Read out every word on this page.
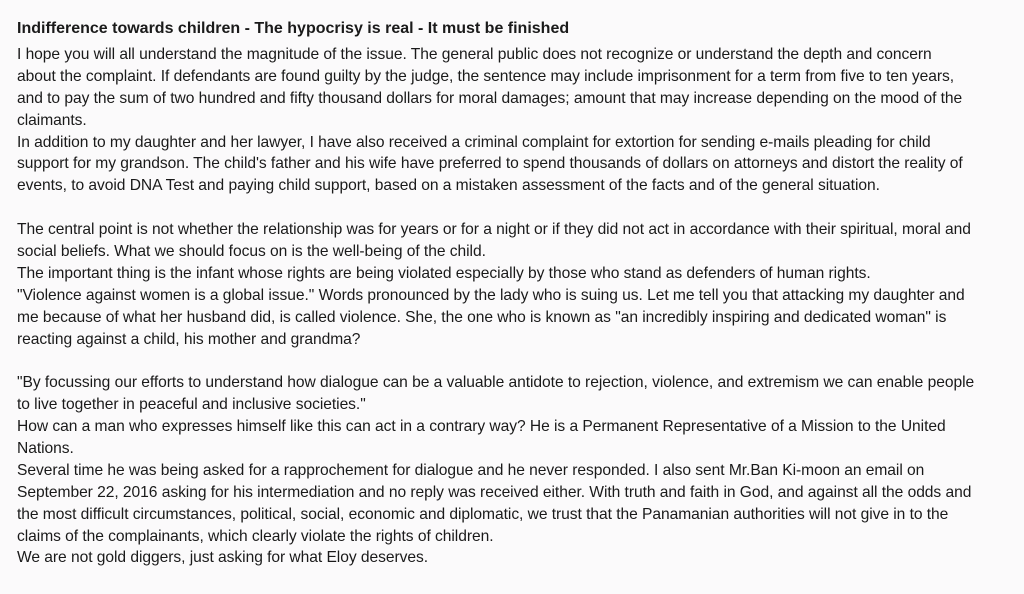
Indifference towards children - The hypocrisy is real - It must be finished
I hope you will all understand the magnitude of the issue. The general public does not recognize or understand the depth and concern
about the complaint. If defendants are found guilty by the judge, the sentence may include imprisonment for a term from five to ten years,
and to pay the sum of two hundred and fifty thousand dollars for moral damages; amount that may increase depending on the mood of the
claimants.
In addition to my daughter and her lawyer, I have also received a criminal complaint for extortion for sending e-mails pleading for child
support for my grandson. The child's father and his wife have preferred to spend thousands of dollars on attorneys and distort the reality of
events, to avoid DNA Test and paying child support, based on a mistaken assessment of the facts and of the general situation.
The central point is not whether the relationship was for years or for a night or if they did not act in accordance with their spiritual, moral and
social beliefs. What we should focus on is the well-being of the child.
The important thing is the infant whose rights are being violated especially by those who stand as defenders of human rights.
"Violence against women is a global issue." Words pronounced by the lady who is suing us. Let me tell you that attacking my daughter and
me because of what her husband did, is called violence. She, the one who is known as "an incredibly inspiring and dedicated woman" is
reacting against a child, his mother and grandma?
"By focussing our efforts to understand how dialogue can be a valuable antidote to rejection, violence, and extremism we can enable people
to live together in peaceful and inclusive societies."
How can a man who expresses himself like this can act in a contrary way? He is a Permanent Representative of a Mission to the United
Nations.
Several time he was being asked for a rapprochement for dialogue and he never responded. I also sent Mr.Ban Ki-moon an email on
September 22, 2016 asking for his intermediation and no reply was received either. With truth and faith in God, and against all the odds and
the most difficult circumstances, political, social, economic and diplomatic, we trust that the Panamanian authorities will not give in to the
claims of the complainants, which clearly violate the rights of children.
We are not gold diggers, just asking for what Eloy deserves.
